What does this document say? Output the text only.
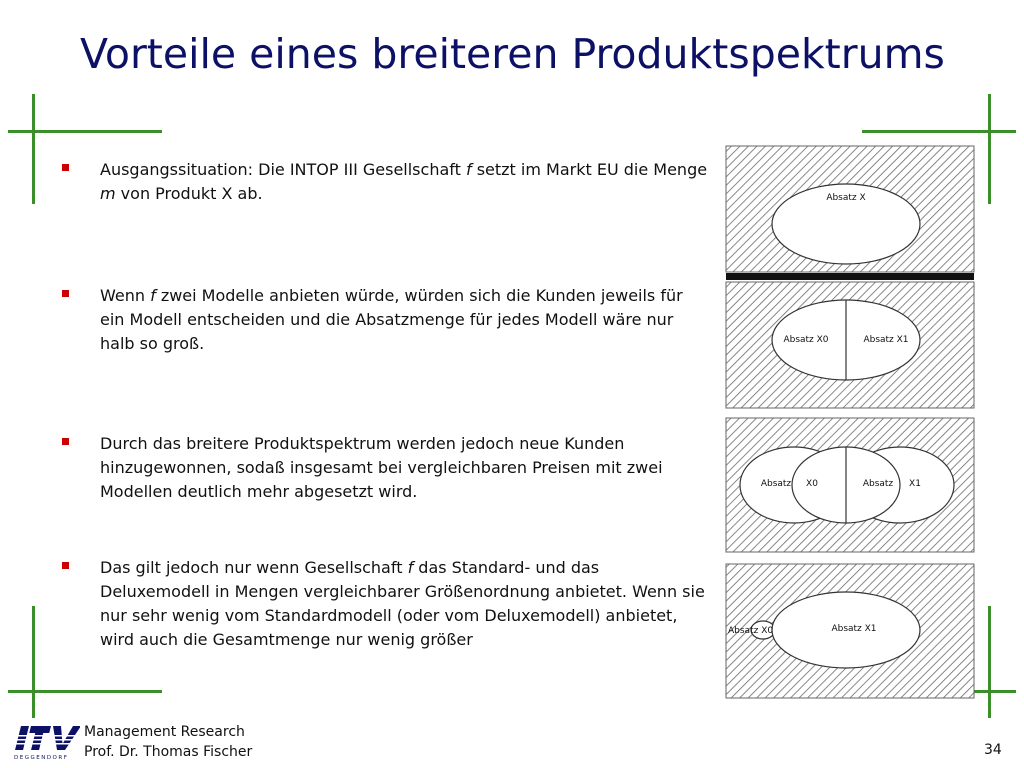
Vorteile eines breiteren Produktspektrums
Ausgangssituation: Die INTOP III Gesellschaft f setzt im Markt EU die Menge m von Produkt X ab.
Wenn f zwei Modelle anbieten würde, würden sich die Kunden jeweils für ein Modell entscheiden und die Absatzmenge für jedes Modell wäre nur halb so groß.
Durch das breitere Produktspektrum werden jedoch neue Kunden hinzugewonnen, sodaß insgesamt bei vergleichbaren Preisen mit zwei Modellen deutlich mehr abgesetzt wird.
Das gilt jedoch nur wenn Gesellschaft f das Standard- und das Deluxemodell in Mengen vergleichbarer Größenordnung anbietet. Wenn sie nur sehr wenig vom Standardmodell (oder vom Deluxemodell) anbietet, wird auch die Gesamtmenge nur wenig größer
Absatz X
Absatz X0	Absatz X1
Absatz X0	Absatz X1
Absatz X0	Absatz X1
DEGGENDORF
Management Research
Prof. Dr. Thomas Fischer	34
